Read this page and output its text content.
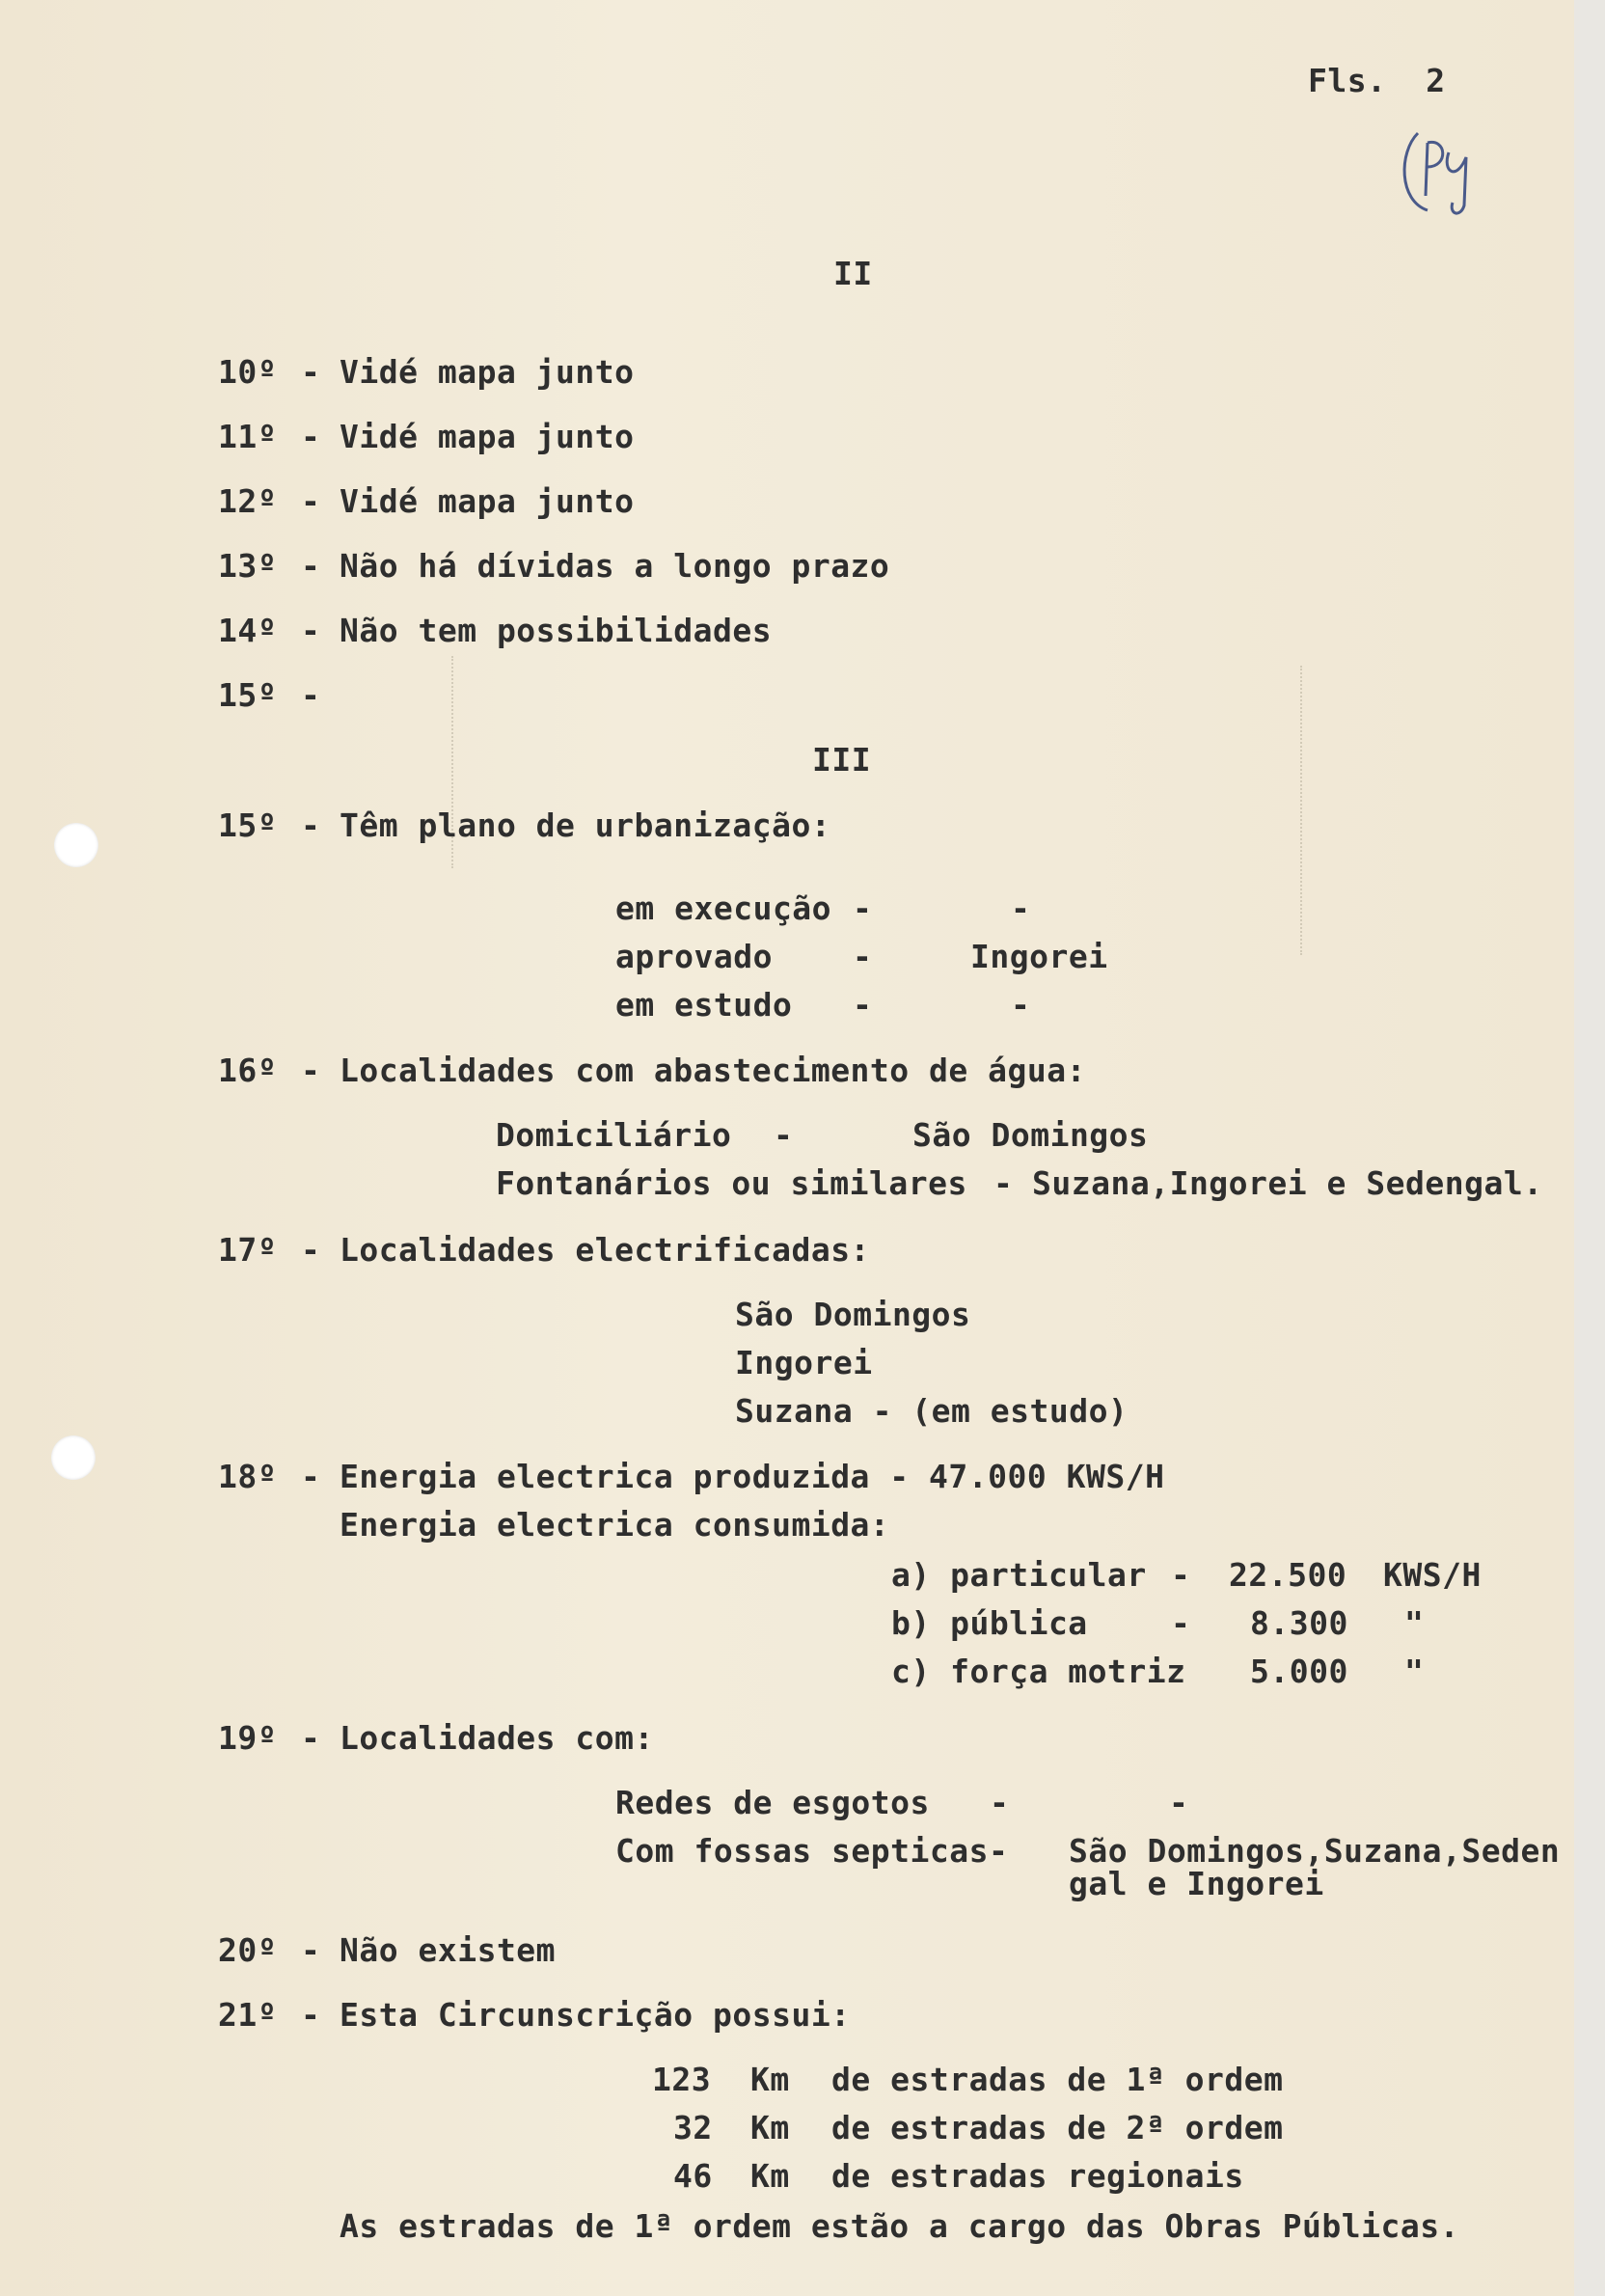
Fls.  2
II
10º - Vidé mapa junto
11º - Vidé mapa junto
12º - Vidé mapa junto
13º - Não há dívidas a longo prazo
14º - Não tem possibilidades
15º -
III
15º - Têm plano de urbanização:
em execução -	-
aprovado	-	Ingorei
em estudo -	-
16º - Localidades com abastecimento de água:
Domiciliário -	São Domingos
Fontanários ou similares - Suzana,Ingorei e Sedengal.
17º - Localidades electrificadas:
São Domingos
Ingorei
Suzana - (em estudo)
18º - Energia electrica produzida - 47.000 KWS/H
Energia electrica consumida:
a) particular - 22.500 KWS/H
b) pública	- 8.300 "
c) força motriz 5.000 "
19º - Localidades com:
Redes de esgotos -	-
Com fossas septicas- São Domingos,Suzana,Seden
gal e Ingorei
20º - Não existem
21º - Esta Circunscrição possui:
123 Km de estradas de 1ª ordem
32 Km de estradas de 2ª ordem
46 Km de estradas regionais
As estradas de 1ª ordem estão a cargo das Obras Públicas.
